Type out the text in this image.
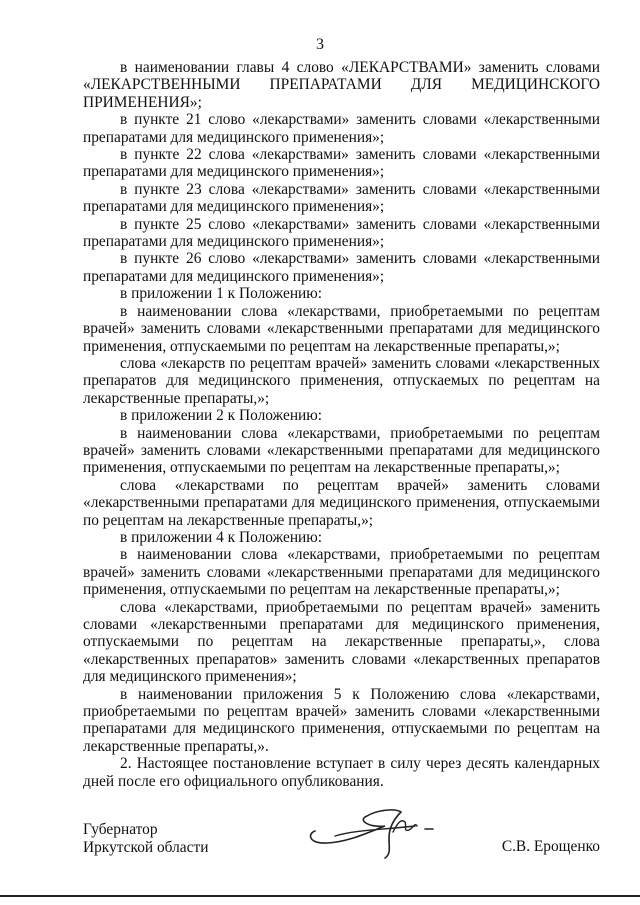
3

в наименовании главы 4 слово «ЛЕКАРСТВАМИ» заменить словами «ЛЕКАРСТВЕННЫМИ ПРЕПАРАТАМИ ДЛЯ МЕДИЦИНСКОГО ПРИМЕНЕНИЯ»;

в пункте 21 слово «лекарствами» заменить словами «лекарственными препаратами для медицинского применения»;

в пункте 22 слова «лекарствами» заменить словами «лекарственными препаратами для медицинского применения»;

в пункте 23 слова «лекарствами» заменить словами «лекарственными препаратами для медицинского применения»;

в пункте 25 слово «лекарствами» заменить словами «лекарственными препаратами для медицинского применения»;

в пункте 26 слово «лекарствами» заменить словами «лекарственными препаратами для медицинского применения»;

в приложении 1 к Положению:

в наименовании слова «лекарствами, приобретаемыми по рецептам врачей» заменить словами «лекарственными препаратами для медицинского применения, отпускаемыми по рецептам на лекарственные препараты,»;

слова «лекарств по рецептам врачей» заменить словами «лекарственных препаратов для медицинского применения, отпускаемых по рецептам на лекарственные препараты,»;

в приложении 2 к Положению:

в наименовании слова «лекарствами, приобретаемыми по рецептам врачей» заменить словами «лекарственными препаратами для медицинского применения, отпускаемыми по рецептам на лекарственные препараты,»;

слова «лекарствами по рецептам врачей» заменить словами «лекарственными препаратами для медицинского применения, отпускаемыми по рецептам на лекарственные препараты,»;

в приложении 4 к Положению:

в наименовании слова «лекарствами, приобретаемыми по рецептам врачей» заменить словами «лекарственными препаратами для медицинского применения, отпускаемыми по рецептам на лекарственные препараты,»;

слова «лекарствами, приобретаемыми по рецептам врачей» заменить словами «лекарственными препаратами для медицинского применения, отпускаемыми по рецептам на лекарственные препараты,», слова «лекарственных препаратов» заменить словами «лекарственных препаратов для медицинского применения»;

в наименовании приложения 5 к Положению слова «лекарствами, приобретаемыми по рецептам врачей» заменить словами «лекарственными препаратами для медицинского применения, отпускаемыми по рецептам на лекарственные препараты,».

2. Настоящее постановление вступает в силу через десять календарных дней после его официального опубликования.

Губернатор
Иркутской области	С.В. Ерощенко
